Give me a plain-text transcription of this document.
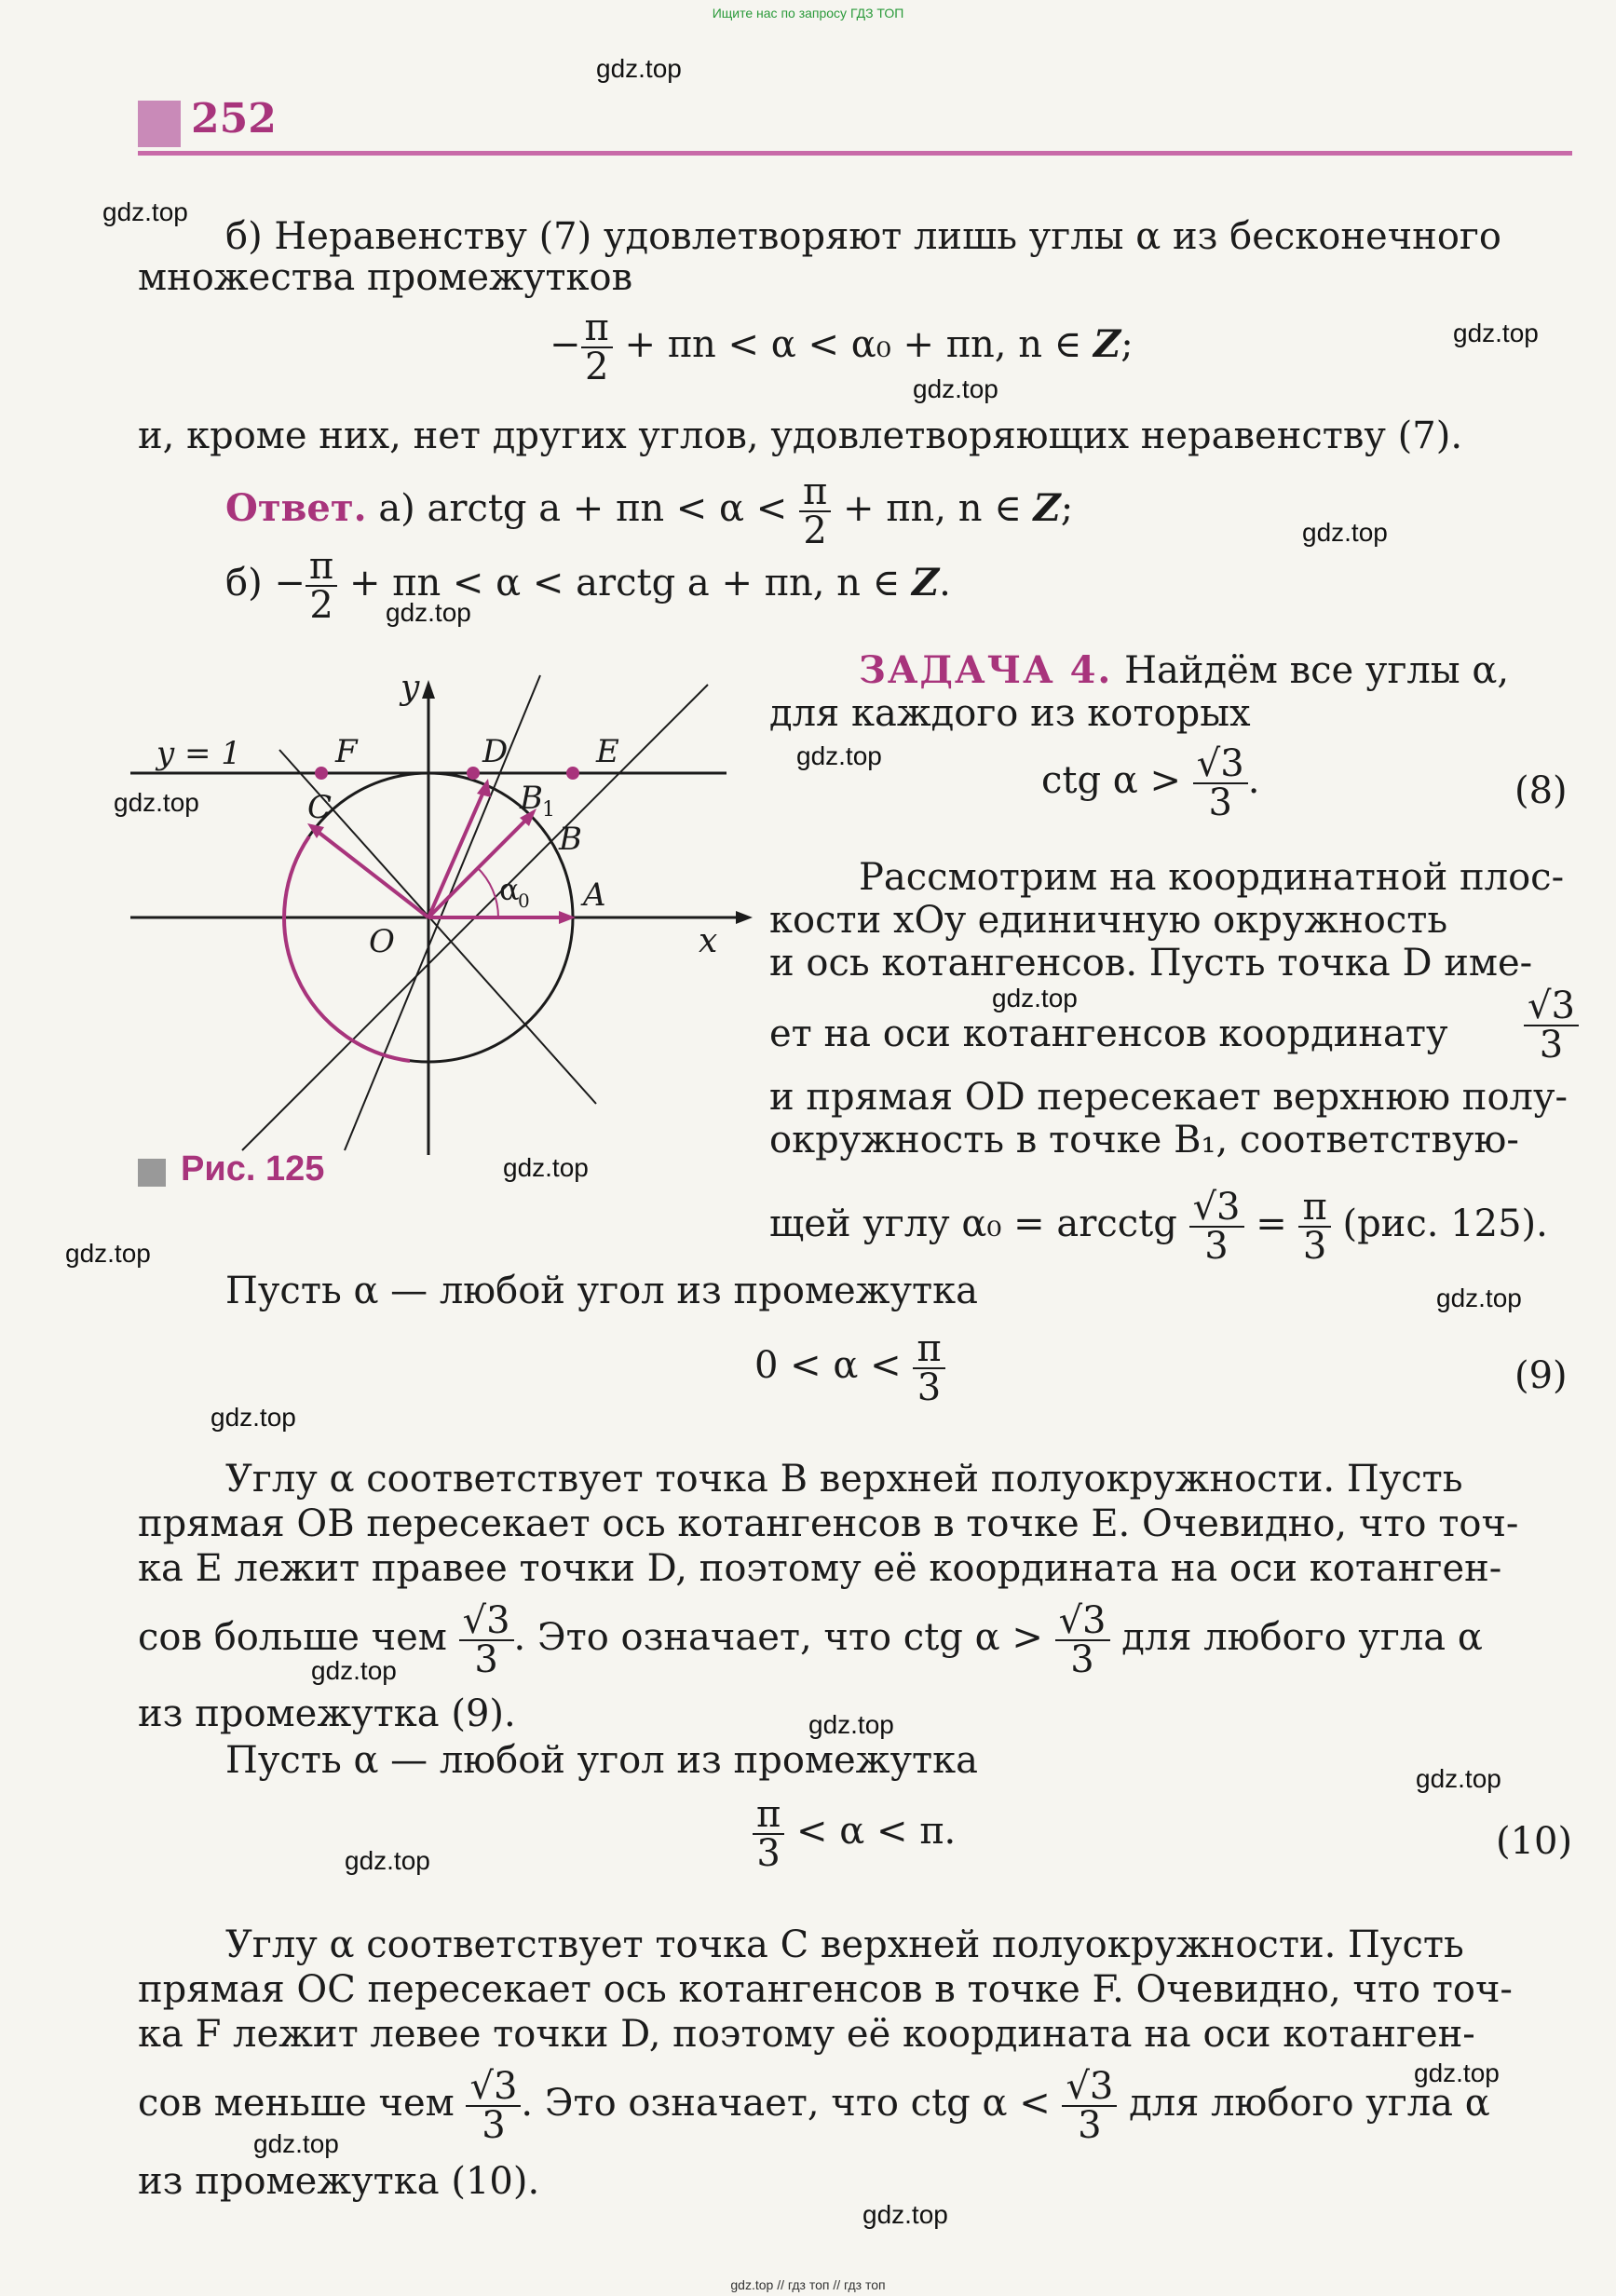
Ищите нас по запросу ГДЗ ТОП
252
gdz.top
gdz.top
gdz.top
gdz.top
gdz.top
gdz.top
gdz.top
gdz.top
gdz.top
gdz.top
gdz.top
gdz.top
gdz.top
gdz.top
gdz.top
gdz.top
gdz.top
gdz.top
gdz.top
gdz.top
б) Неравенству (7) удовлетворяют лишь углы α из бесконечного
множества промежутков
− $\frac{\pi}{2} + \pi n < \alpha < \alpha_0 + \pi n$, n ∈ Z;
и, кроме них, нет других углов, удовлетворяющих неравенству (7).
Ответ. а) arctg $a + \pi n < \alpha < \frac{\pi}{2} + \pi n$, n ∈ Z;
$б) - \frac{\pi}{2} + \pi n < \alpha$ < arctg a + πn, n ∈ Z.
ЗАДАЧА 4. Найдём все углы α,
для каждого из которых
ctg $\alpha > \frac{√3}{3}$ .	(8)
Рассмотрим на координатной плос-
кости xOy единичную окружность
и ось котангенсов. Пусть точка D име-
ет на оси котангенсов координату $\frac{√3}{3}$
и прямая OD пересекает верхнюю полу-
окружность в точке B₁, соответствую-
щей углу α₀ = arcctg $\frac{√3}{3} = \frac{\pi}{3} (рис$. 125).
y
x
y = 1	F	D	E
C	B 1
B
α
0 A
O
Рис. 125
Пусть α — любой угол из промежутка
$0 < \alpha < \frac{\pi}{3}$	(9)
Углу α соответствует точка B верхней полуокружности. Пусть
прямая OB пересекает ось котангенсов в точке E. Очевидно, что точ-
ка E лежит правее точки D, поэтому её координата на оси котанген-
сов больше чем $\frac{√3}{3}$ . Это означает, что ctg $\alpha > \frac{√3}{3}$ для любого угла α
из промежутка (9).
Пусть α — любой угол из промежутка
$\frac{\pi}{3} < \alpha < \pi$.	(10)
Углу α соответствует точка C верхней полуокружности. Пусть
прямая OC пересекает ось котангенсов в точке F. Очевидно, что точ-
ка F лежит левее точки D, поэтому её координата на оси котанген-
сов меньше чем $\frac{√3}{3}$ . Это означает, что ctg $\alpha < \frac{√3}{3}$ для любого угла α
из промежутка (10).
gdz.top // гдз топ // гдз топ
